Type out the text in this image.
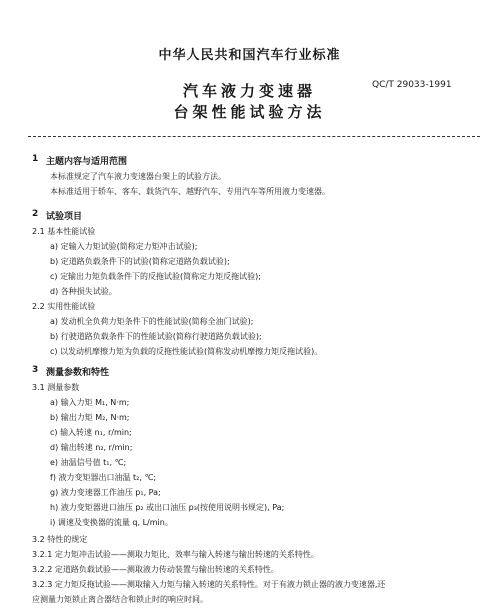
中华人民共和国汽车行业标准
QC/T 29033-1991
汽车液力变速器
台架性能试验方法
1 主题内容与适用范围
本标准规定了汽车液力变速器台架上的试验方法。
本标准适用于轿车、客车、载货汽车、越野汽车、专用汽车等所用液力变速器。
2 试验项目
2.1 基本性能试验
a) 定输入力矩试验(简称定力矩冲击试验);
b) 定道路负载条件下的试验(简称定道路负载试验);
c) 定输出力矩负载条件下的反拖试验(简称定力矩反拖试验);
d) 各种损失试验。
2.2 实用性能试验
a) 发动机全负荷力矩条件下的性能试验(简称全油门试验);
b) 行驶道路负载条件下的性能试验(简称行驶道路负载试验);
c) 以发动机摩擦力矩为负载的反拖性能试验(简称发动机摩擦力矩反拖试验)。
3 测量参数和特性
3.1 测量参数
a) 输入力矩 M₁, N·m;
b) 输出力矩 M₂, N·m;
c) 输入转速 n₁, r/min;
d) 输出转速 n₂, r/min;
e) 油温信号值 t₁, ℃;
f) 液力变矩器出口油温 t₂, ℃;
g) 液力变速器工作油压 p₁, Pa;
h) 液力变矩器进口油压 p₂ 或出口油压 p₃(按使用说明书规定), Pa;
i) 调速及变换器的流量 q, L/min。
3.2 特性的规定
3.2.1 定力矩冲击试验——测取力矩比、效率与输入转速与输出转速的关系特性。
3.2.2 定道路负载试验——测取液力传动装置与输出转速的关系特性。
3.2.3 定力矩反拖试验——测取输入力矩与输入转速的关系特性。对于有液力锁止器的液力变速器,还
应测量力矩锁止离合器结合和锁止时的响应时间。
